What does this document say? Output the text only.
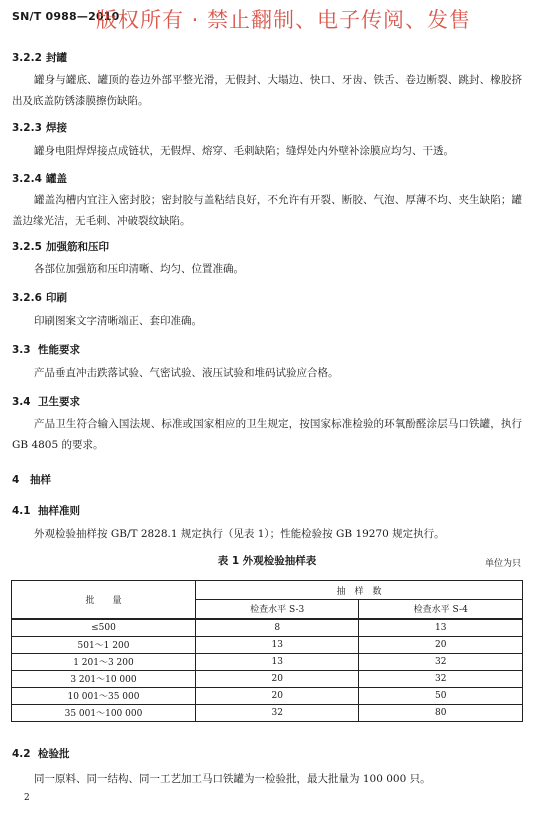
SN/T 0988—2010
版权所有 · 禁止翻制、电子传阅、发售
3.2.2 封罐
罐身与罐底、罐顶的卷边外部平整光滑，无假封、大塌边、快口、牙齿、铁舌、卷边断裂、跳封、橡胶挤出及底盖防锈漆膜擦伤缺陷。
3.2.3 焊接
罐身电阻焊焊接点成链状，无假焊、熔穿、毛刺缺陷；缝焊处内外壁补涂膜应均匀、干透。
3.2.4 罐盖
罐盖沟槽内宜注入密封胶；密封胶与盖粘结良好，不允许有开裂、断胶、气泡、厚薄不均、夹生缺陷；罐盖边缘光洁，无毛刺、冲破裂纹缺陷。
3.2.5 加强筋和压印
各部位加强筋和压印清晰、均匀、位置准确。
3.2.6 印刷
印刷图案文字清晰端正、套印准确。
3.3 性能要求
产品垂直冲击跌落试验、气密试验、液压试验和堆码试验应合格。
3.4 卫生要求
产品卫生符合输入国法规、标准或国家相应的卫生规定，按国家标准检验的环氧酚醛涂层马口铁罐，执行 GB 4805 的要求。
4 抽样
4.1 抽样准则
外观检验抽样按 GB/T 2828.1 规定执行（见表 1）；性能检验按 GB 19270 规定执行。
表 1 外观检验抽样表	单位为只
批　　量	抽　样　数	
	检查水平 S-3	检查水平 S-4
≤500	8	13
501～1 200	13	20
1 201～3 200	13	32
3 201～10 000	20	32
10 001～35 000	20	50
35 001～100 000	32	80
4.2 检验批
同一原料、同一结构、同一工艺加工马口铁罐为一检验批，最大批量为 100 000 只。
2
